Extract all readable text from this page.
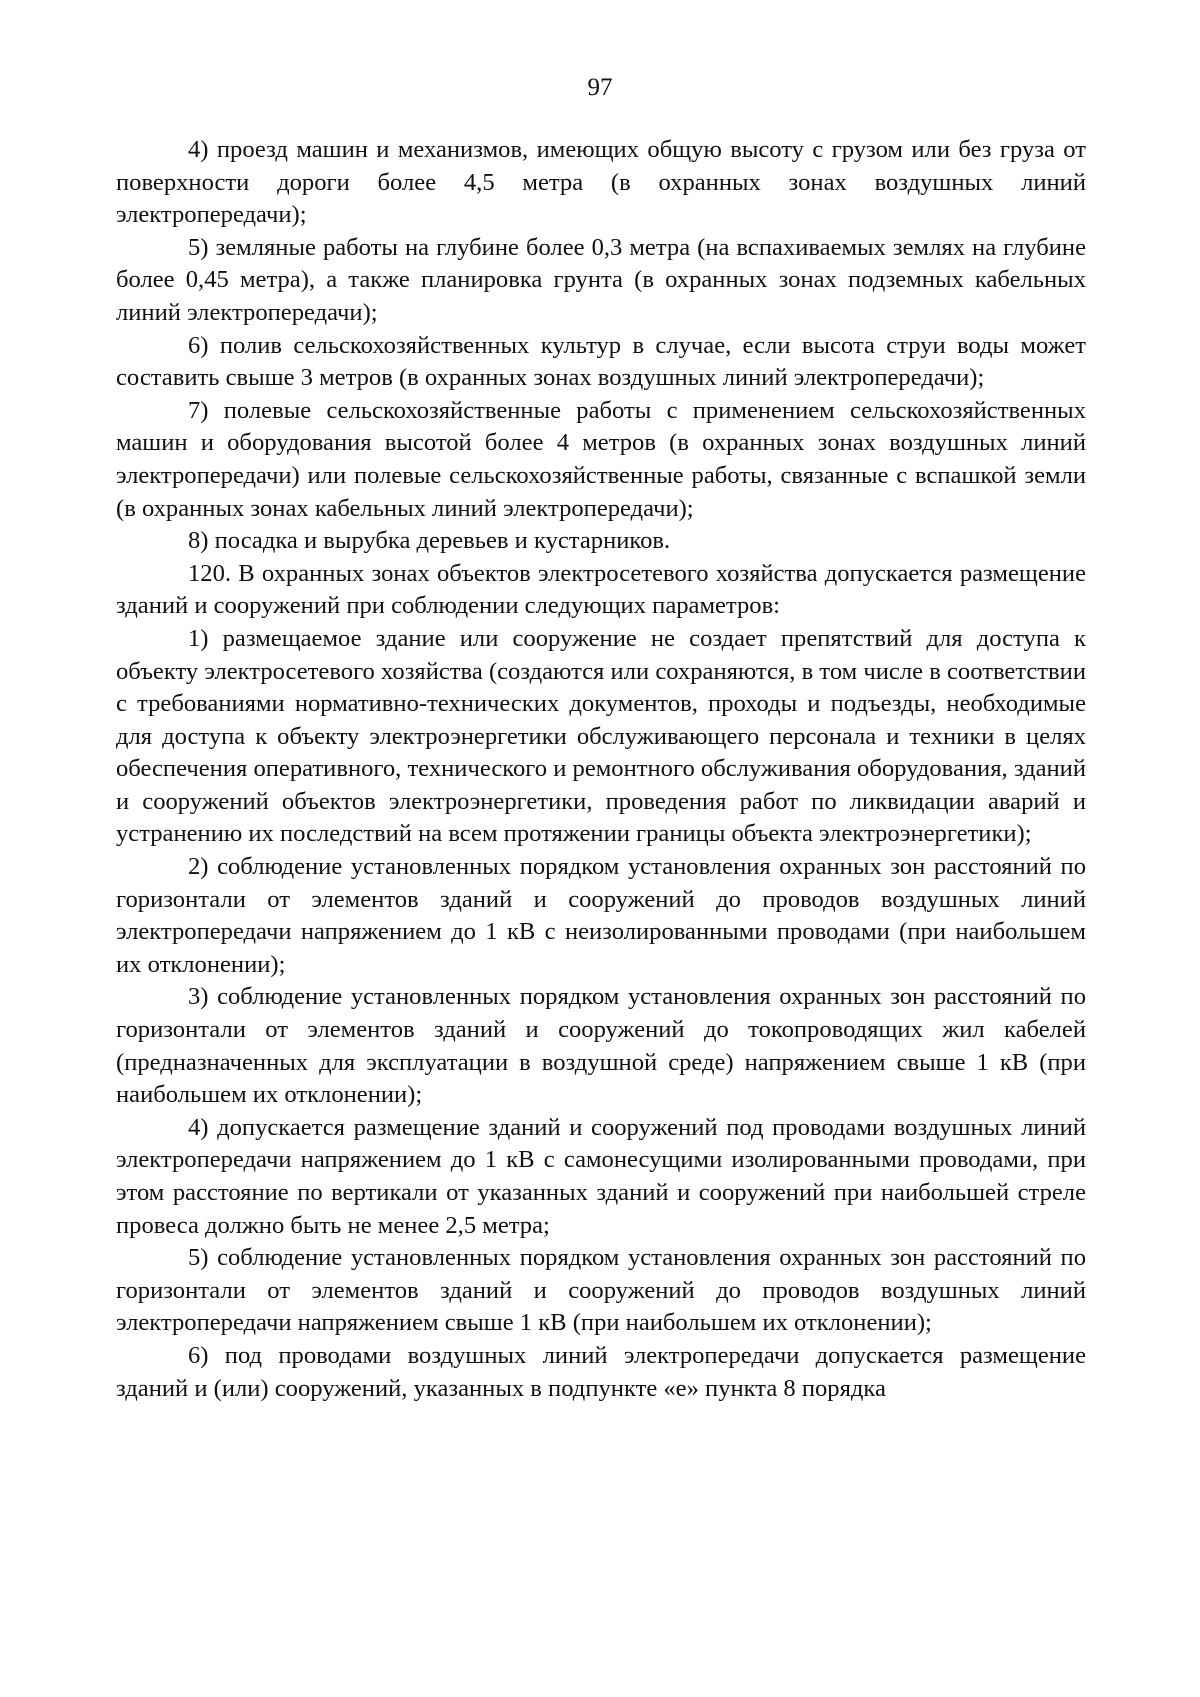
97

4) проезд машин и механизмов, имеющих общую высоту с грузом или без груза от поверхности дороги более 4,5 метра (в охранных зонах воздушных линий электропередачи);

5) земляные работы на глубине более 0,3 метра (на вспахиваемых землях на глубине более 0,45 метра), а также планировка грунта (в охранных зонах подземных кабельных линий электропередачи);

6) полив сельскохозяйственных культур в случае, если высота струи воды может составить свыше 3 метров (в охранных зонах воздушных линий электропередачи);

7) полевые сельскохозяйственные работы с применением сельскохозяйственных машин и оборудования высотой более 4 метров (в охранных зонах воздушных линий электропередачи) или полевые сельскохозяйственные работы, связанные с вспашкой земли (в охранных зонах кабельных линий электропередачи);

8) посадка и вырубка деревьев и кустарников.

120. В охранных зонах объектов электросетевого хозяйства допускается размещение зданий и сооружений при соблюдении следующих параметров:

1) размещаемое здание или сооружение не создает препятствий для доступа к объекту электросетевого хозяйства (создаются или сохраняются, в том числе в соответствии с требованиями нормативно-технических документов, проходы и подъезды, необходимые для доступа к объекту электроэнергетики обслуживающего персонала и техники в целях обеспечения оперативного, технического и ремонтного обслуживания оборудования, зданий и сооружений объектов электроэнергетики, проведения работ по ликвидации аварий и устранению их последствий на всем протяжении границы объекта электроэнергетики);

2) соблюдение установленных порядком установления охранных зон расстояний по горизонтали от элементов зданий и сооружений до проводов воздушных линий электропередачи напряжением до 1 кВ с неизолированными проводами (при наибольшем их отклонении);

3) соблюдение установленных порядком установления охранных зон расстояний по горизонтали от элементов зданий и сооружений до токопроводящих жил кабелей (предназначенных для эксплуатации в воздушной среде) напряжением свыше 1 кВ (при наибольшем их отклонении);

4) допускается размещение зданий и сооружений под проводами воздушных линий электропередачи напряжением до 1 кВ с самонесущими изолированными проводами, при этом расстояние по вертикали от указанных зданий и сооружений при наибольшей стреле провеса должно быть не менее 2,5 метра;

5) соблюдение установленных порядком установления охранных зон расстояний по горизонтали от элементов зданий и сооружений до проводов воздушных линий электропередачи напряжением свыше 1 кВ (при наибольшем их отклонении);

6) под проводами воздушных линий электропередачи допускается размещение зданий и (или) сооружений, указанных в подпункте «е» пункта 8 порядка
